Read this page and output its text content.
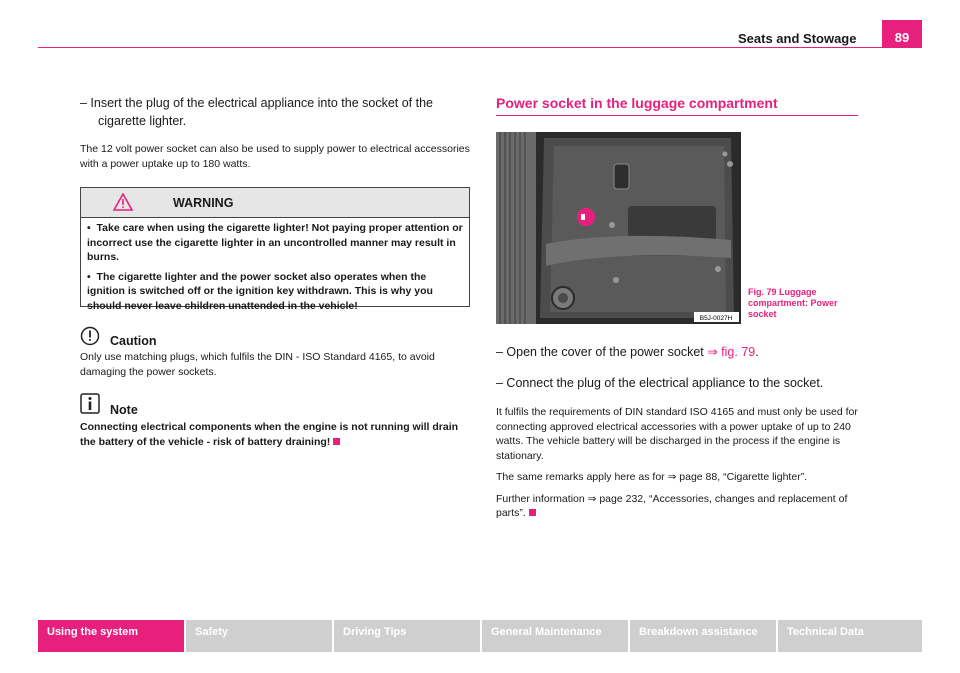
Seats and Stowage	89

– Insert the plug of the electrical appliance into the socket of the cigarette lighter.

The 12 volt power socket can also be used to supply power to electrical accessories with a power uptake up to 180 watts.

WARNING

• Take care when using the cigarette lighter! Not paying proper attention or incorrect use the cigarette lighter in an uncontrolled manner may result in burns.

• The cigarette lighter and the power socket also operates when the ignition is switched off or the ignition key withdrawn. This is why you should never leave children unattended in the vehicle!

Caution
Only use matching plugs, which fulfils the DIN - ISO Standard 4165, to avoid damaging the power sockets.
Note
Connecting electrical components when the engine is not running will drain the battery of the vehicle - risk of battery draining!
Power socket in the luggage compartment
B5J-0027H
Fig. 79 Luggage compartment: Power socket

– Open the cover of the power socket ⇒ fig. 79.

– Connect the plug of the electrical appliance to the socket.

It fulfils the requirements of DIN standard ISO 4165 and must only be used for connecting approved electrical accessories with a power uptake of up to 240 watts. The vehicle battery will be discharged in the process if the engine is stationary.

The same remarks apply here as for ⇒ page 88, “Cigarette lighter”.

Further information ⇒ page 232, “Accessories, changes and replacement of parts”.

Using the system	Safety	Driving Tips	General Maintenance	Breakdown assistance	Technical Data
